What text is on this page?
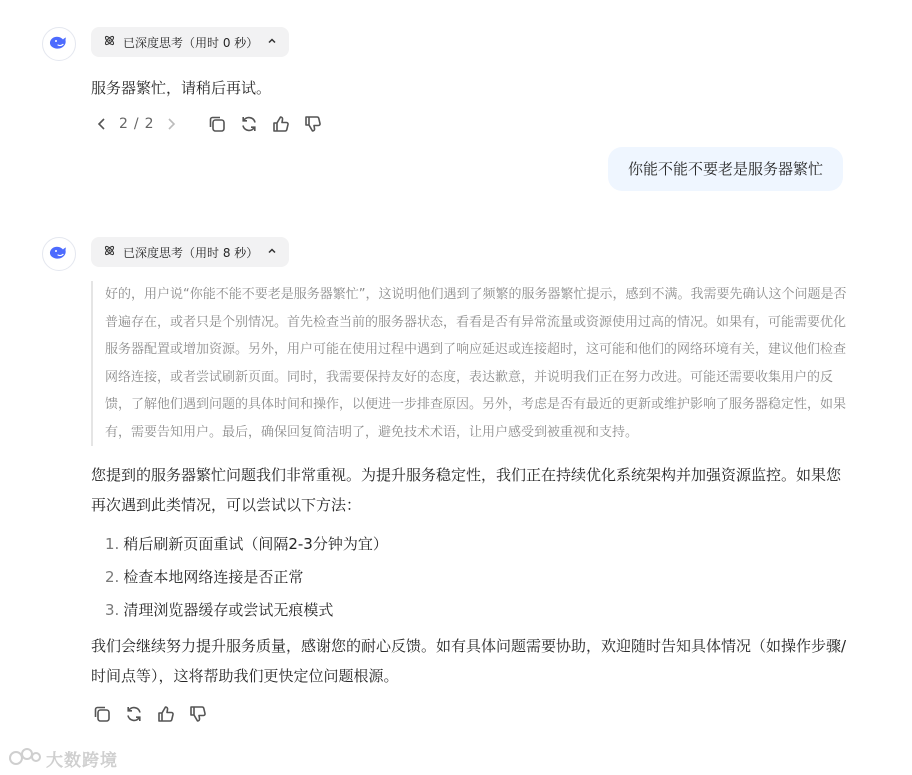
已深度思考（用时 0 秒）
服务器繁忙，请稍后再试。
2 / 2
你能不能不要老是服务器繁忙
已深度思考（用时 8 秒）
好的，用户说“你能不能不要老是服务器繁忙”，这说明他们遇到了频繁的服务器繁忙提示，感到不满。我需要先确认这个问题是否普遍存在，或者只是个别情况。首先检查当前的服务器状态，看看是否有异常流量或资源使用过高的情况。如果有，可能需要优化服务器配置或增加资源。另外，用户可能在使用过程中遇到了响应延迟或连接超时，这可能和他们的网络环境有关，建议他们检查网络连接，或者尝试刷新页面。同时，我需要保持友好的态度，表达歉意，并说明我们正在努力改进。可能还需要收集用户的反馈，了解他们遇到问题的具体时间和操作，以便进一步排查原因。另外，考虑是否有最近的更新或维护影响了服务器稳定性，如果有，需要告知用户。最后，确保回复简洁明了，避免技术术语，让用户感受到被重视和支持。
您提到的服务器繁忙问题我们非常重视。为提升服务稳定性，我们正在持续优化系统架构并加强资源监控。如果您再次遇到此类情况，可以尝试以下方法：
1. 稍后刷新页面重试（间隔2-3分钟为宜）
2. 检查本地网络连接是否正常
3. 清理浏览器缓存或尝试无痕模式
我们会继续努力提升服务质量，感谢您的耐心反馈。如有具体问题需要协助，欢迎随时告知具体情况（如操作步骤/时间点等），这将帮助我们更快定位问题根源。
大数跨境
